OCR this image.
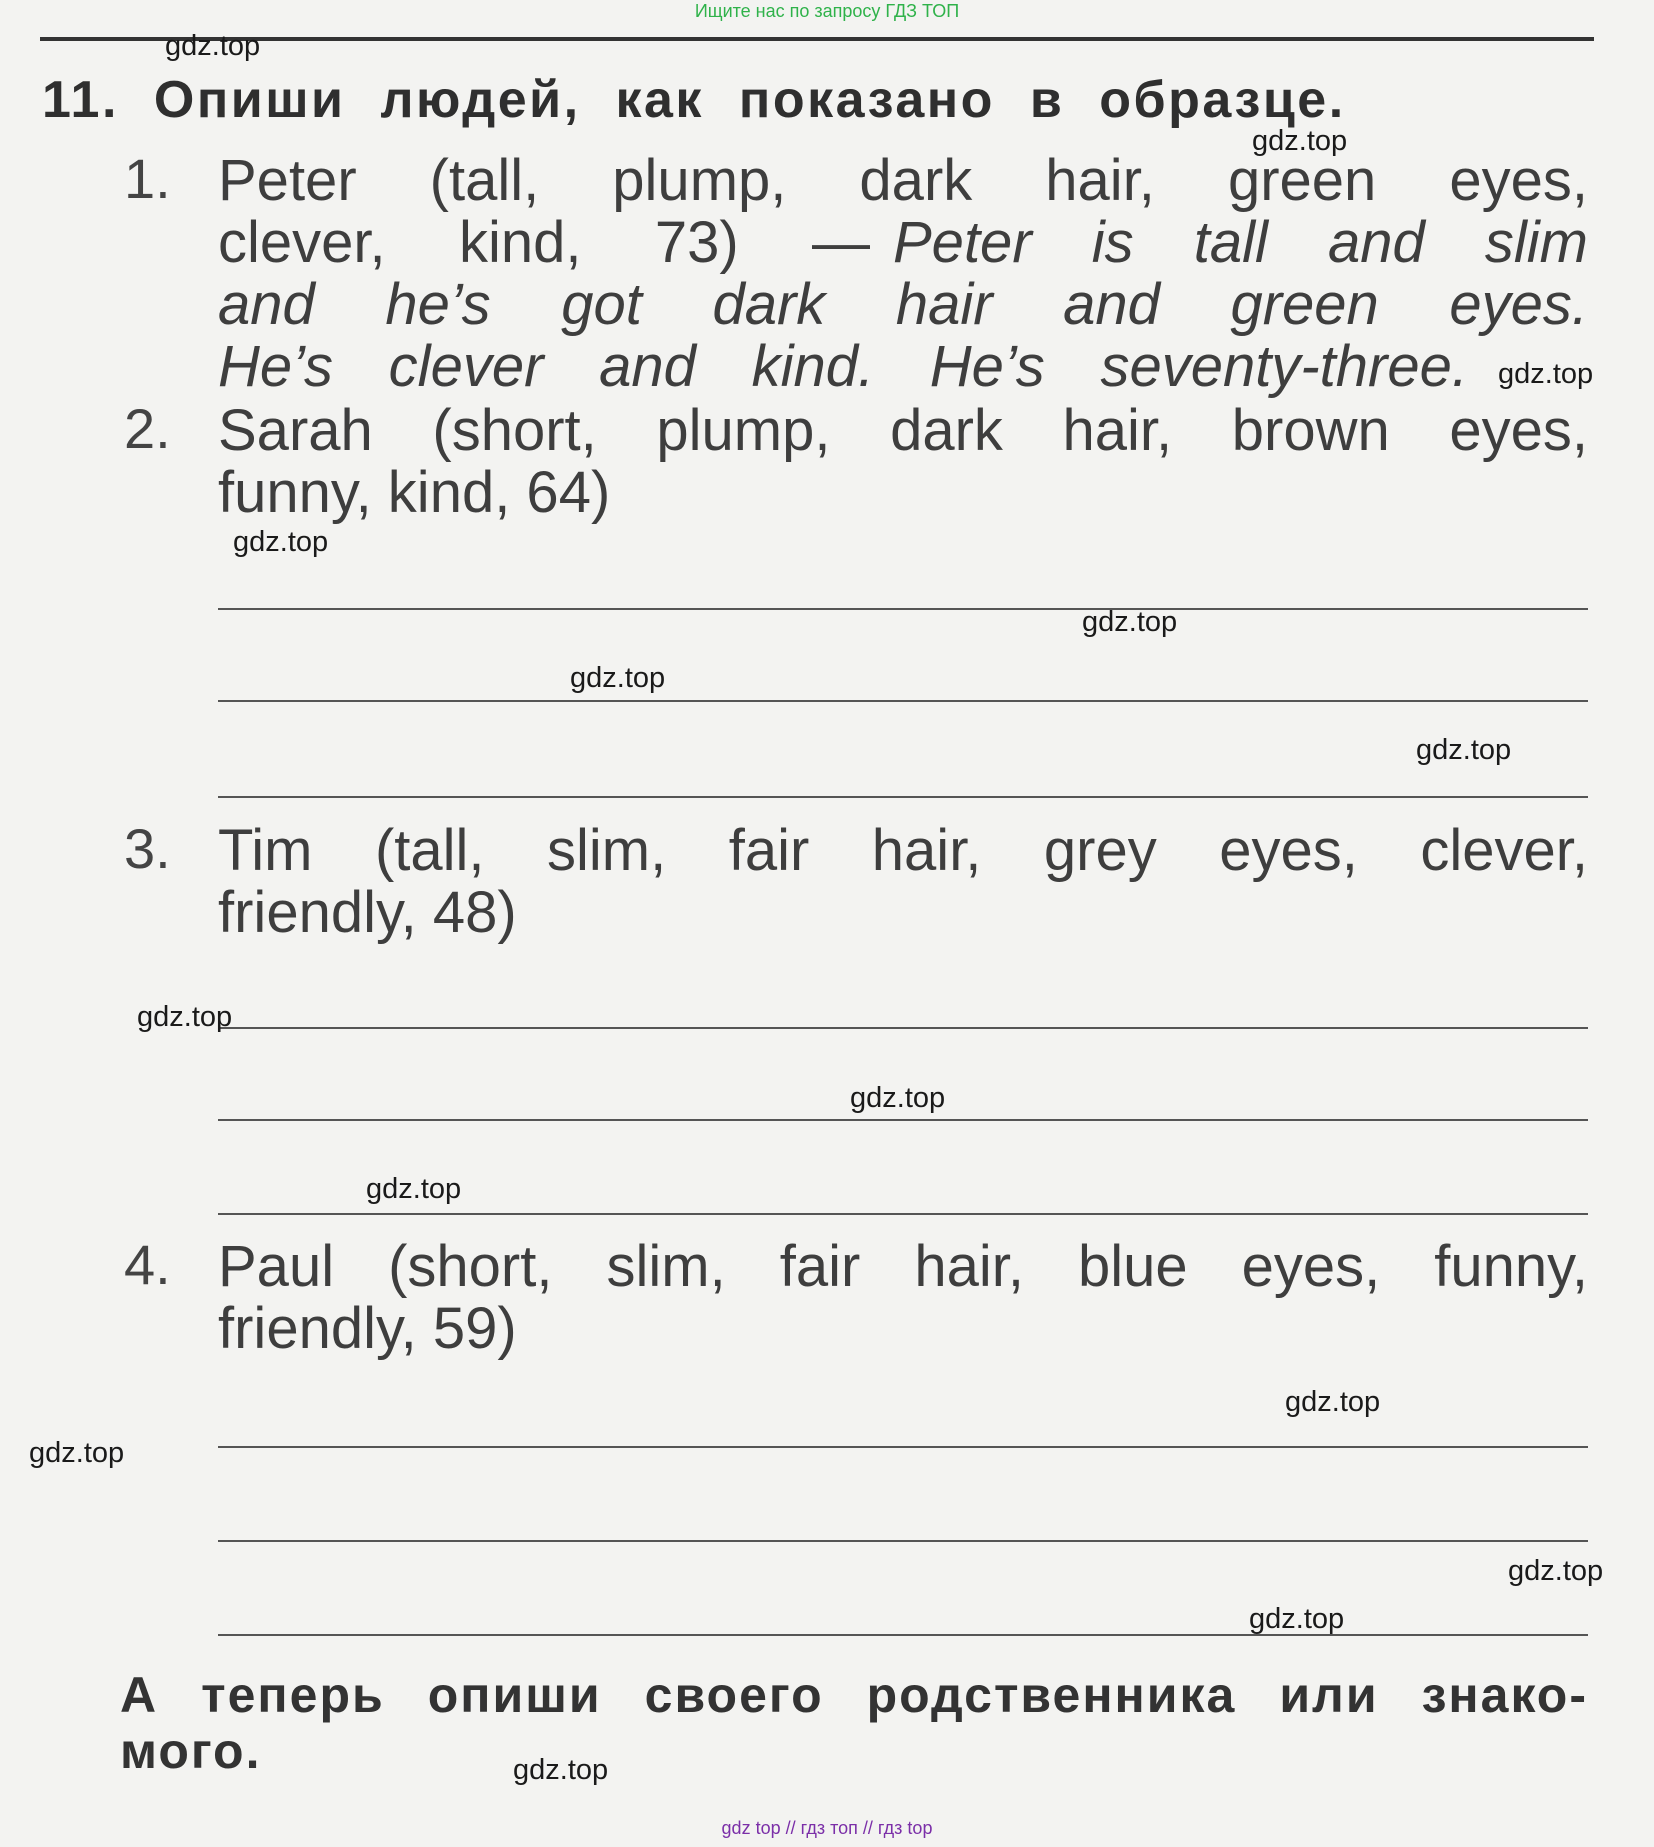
Ищите нас по запросу ГДЗ ТОП
11. Опиши людей, как показано в образце.
1. Peter (tall, plump, dark hair, green eyes,
clever, kind, 73) — Peter is tall and slim
and he’s got dark hair and green eyes.
He’s clever and kind. He’s seventy-three.
2. Sarah (short, plump, dark hair, brown eyes,
funny, kind, 64)
3. Tim (tall, slim, fair hair, grey eyes, clever,
friendly, 48)
4. Paul (short, slim, fair hair, blue eyes, funny,
friendly, 59)
А теперь опиши своего родственника или знако-
мого.
gdz.top
gdz.top
gdz.top
gdz.top
gdz.top
gdz.top
gdz.top
gdz.top
gdz.top
gdz.top
gdz.top
gdz.top
gdz.top
gdz.top
gdz.top
gdz top // гдз топ // гдз top
